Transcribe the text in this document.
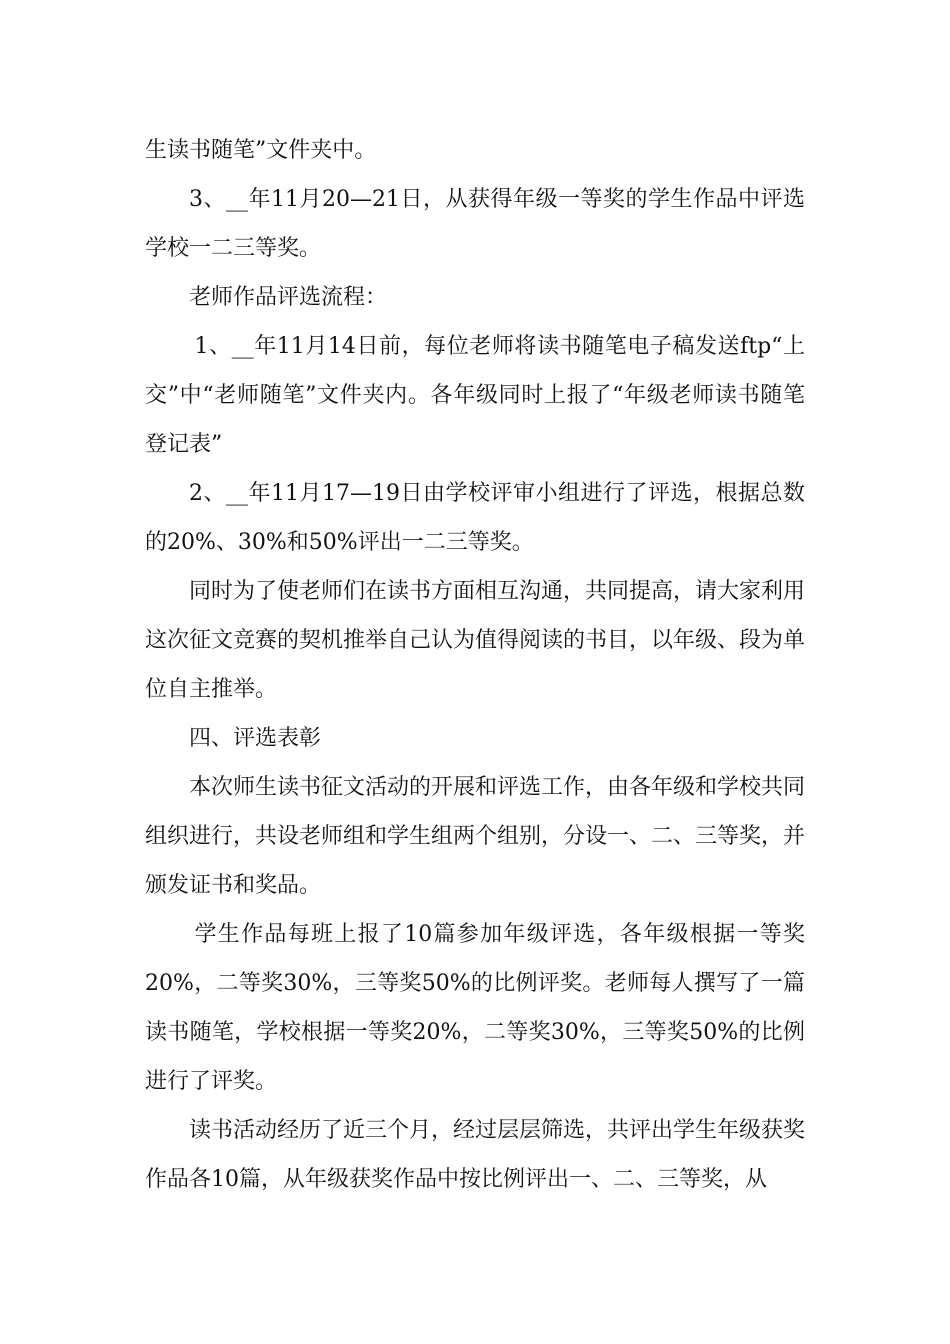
生读书随笔”文件夹中。

3、__年11月20—21日，从获得年级一等奖的学生作品中评选学校一二三等奖。

老师作品评选流程：

1、__年11月14日前，每位老师将读书随笔电子稿发送ftp“上交”中“老师随笔”文件夹内。各年级同时上报了“年级老师读书随笔登记表”

2、__年11月17—19日由学校评审小组进行了评选，根据总数的20%、30%和50%评出一二三等奖。

同时为了使老师们在读书方面相互沟通，共同提高，请大家利用这次征文竞赛的契机推举自己认为值得阅读的书目，以年级、段为单位自主推举。

四、评选表彰

本次师生读书征文活动的开展和评选工作，由各年级和学校共同组织进行，共设老师组和学生组两个组别，分设一、二、三等奖，并颁发证书和奖品。

学生作品每班上报了10篇参加年级评选，各年级根据一等奖20%，二等奖30%，三等奖50%的比例评奖。老师每人撰写了一篇读书随笔，学校根据一等奖20%，二等奖30%，三等奖50%的比例进行了评奖。

读书活动经历了近三个月，经过层层筛选，共评出学生年级获奖作品各10篇，从年级获奖作品中按比例评出一、二、三等奖，从
